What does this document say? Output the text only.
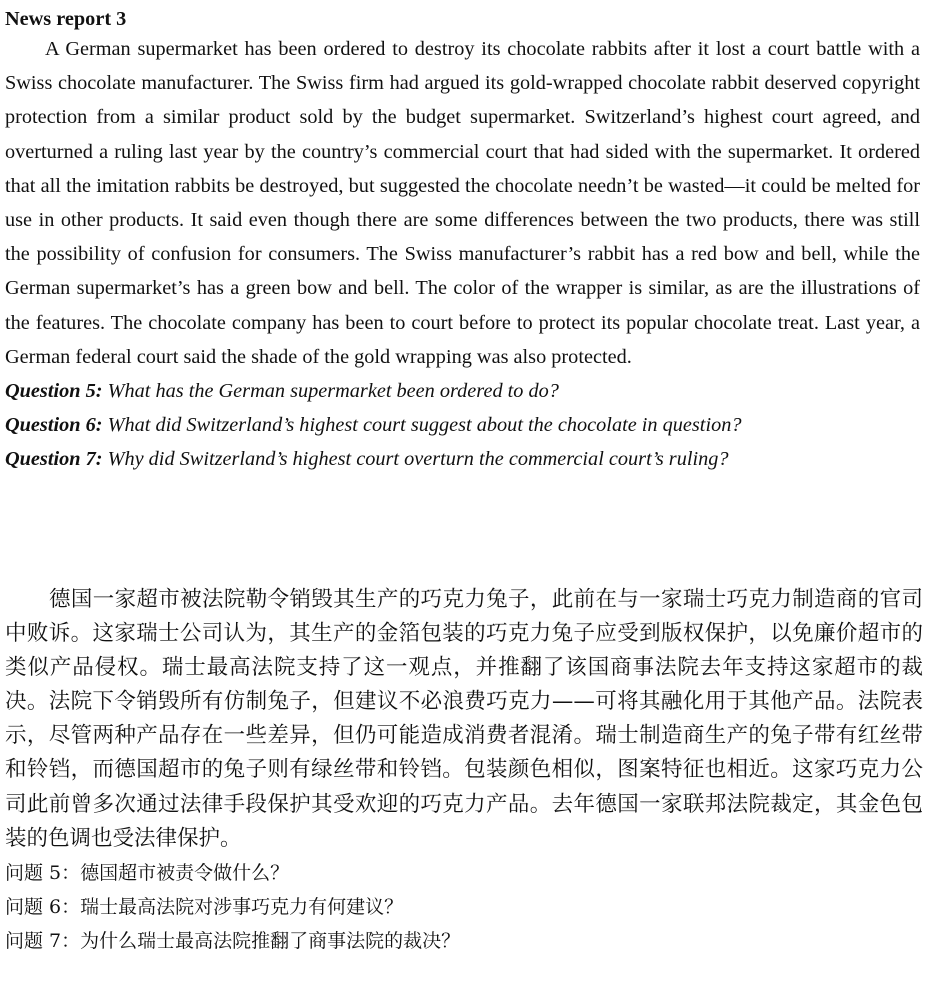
News report 3

A German supermarket has been ordered to destroy its chocolate rabbits after it lost a court battle with a Swiss chocolate manufacturer. The Swiss firm had argued its gold-wrapped chocolate rabbit deserved copyright protection from a similar product sold by the budget supermarket. Switzerland’s highest court agreed, and overturned a ruling last year by the country’s commercial court that had sided with the supermarket. It ordered that all the imitation rabbits be destroyed, but suggested the chocolate needn’t be wasted—it could be melted for use in other products. It said even though there are some differences between the two products, there was still the possibility of confusion for consumers. The Swiss manufacturer’s rabbit has a red bow and bell, while the German supermarket’s has a green bow and bell. The color of the wrapper is similar, as are the illustrations of the features. The chocolate company has been to court before to protect its popular chocolate treat. Last year, a German federal court said the shade of the gold wrapping was also protected.

Question 5: What has the German supermarket been ordered to do?

Question 6: What did Switzerland’s highest court suggest about the chocolate in question?

Question 7: Why did Switzerland’s highest court overturn the commercial court’s ruling?

德国一家超市被法院勒令销毁其生产的巧克力兔子，此前在与一家瑞士巧克力制造商的官司中败诉。这家瑞士公司认为，其生产的金箔包装的巧克力兔子应受到版权保护，以免廉价超市的类似产品侵权。瑞士最高法院支持了这一观点，并推翻了该国商事法院去年支持这家超市的裁决。法院下令销毁所有仿制兔子，但建议不必浪费巧克力——可将其融化用于其他产品。法院表示，尽管两种产品存在一些差异，但仍可能造成消费者混淆。瑞士制造商生产的兔子带有红丝带和铃铛，而德国超市的兔子则有绿丝带和铃铛。包装颜色相似，图案特征也相近。这家巧克力公司此前曾多次通过法律手段保护其受欢迎的巧克力产品。去年德国一家联邦法院裁定，其金色包装的色调也受法律保护。

问题 5：德国超市被责令做什么？

问题 6：瑞士最高法院对涉事巧克力有何建议？

问题 7：为什么瑞士最高法院推翻了商事法院的裁决？
